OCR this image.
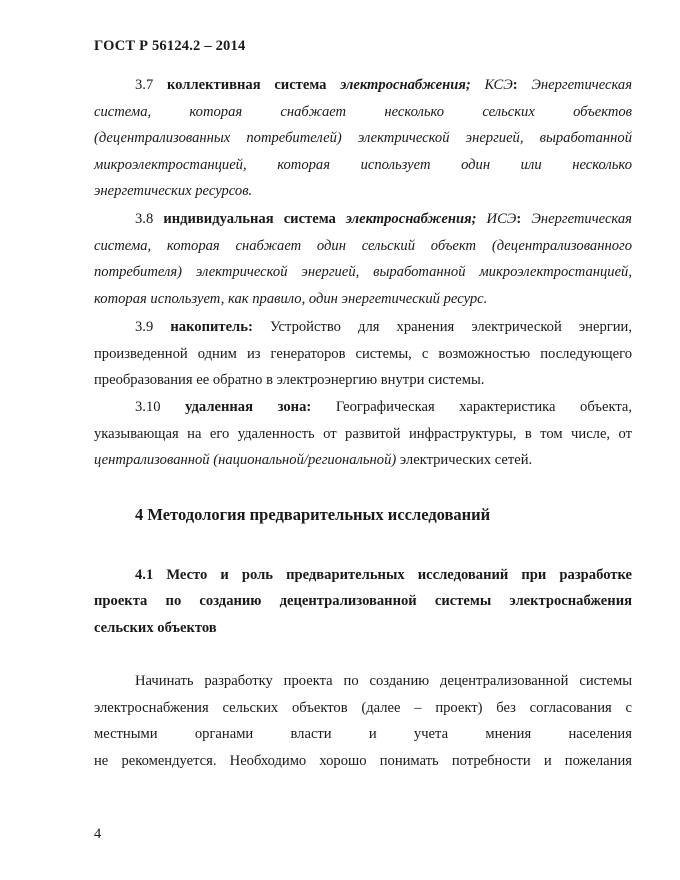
ГОСТ Р 56124.2 – 2014
3.7 коллективная система электроснабжения; КСЭ: Энергетическая
система,	которая	снабжает	несколько	сельских	объектов
(децентрализованных потребителей) электрической энергией, выработанной
микроэлектростанцией, которая использует один или несколько
энергетических ресурсов.
3.8 индивидуальная система электроснабжения; ИСЭ: Энергетическая
система, которая снабжает один сельский объект (децентрализованного
потребителя) электрической энергией, выработанной микроэлектростанцией,
которая использует, как правило, один энергетический ресурс.
3.9 накопитель: Устройство для хранения электрической энергии,
произведенной одним из генераторов системы, с возможностью последующего
преобразования ее обратно в электроэнергию внутри системы.
3.10 удаленная зона: Географическая характеристика объекта,
указывающая на его удаленность от развитой инфраструктуры, в том числе, от
централизованной (национальной/региональной) электрических сетей.
4 Методология предварительных исследований
4.1 Место и роль предварительных исследований при разработке
проекта по созданию децентрализованной системы электроснабжения
сельских объектов
Начинать разработку проекта по созданию децентрализованной системы
электроснабжения сельских объектов (далее – проект) без согласования с
местными	органами	власти	и	учета	мнения	населения
не рекомендуется. Необходимо хорошо понимать потребности и пожелания
4
